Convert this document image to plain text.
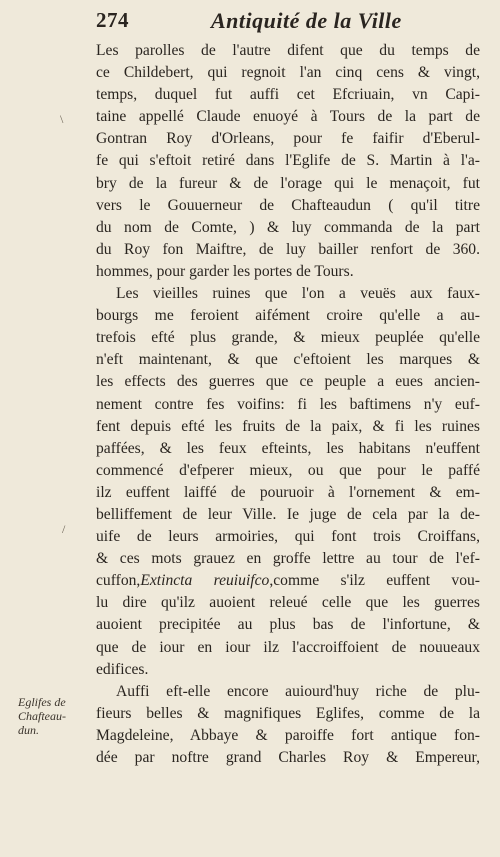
274	Antiquité de la Ville
\
/
Les parolles de l'autre difent que du temps de
ce Childebert, qui regnoit l'an cinq cens & vingt,
temps, duquel fut auffi cet Efcriuain, vn Capi-
taine appellé Claude enuoyé à Tours de la part de
Gontran Roy d'Orleans, pour fe faifir d'Eberul-
fe qui s'eftoit retiré dans l'Eglife de S. Martin à l'a-
bry de la fureur & de l'orage qui le menaçoit, fut
vers le Gouuerneur de Chafteaudun ( qu'il titre
du nom de Comte, ) & luy commanda de la part
du Roy fon Maiftre, de luy bailler renfort de 360.
hommes, pour garder les portes de Tours.
Les vieilles ruines que l'on a veuës aux faux-
bourgs me feroient aifément croire qu'elle a au-
trefois efté plus grande, & mieux peuplée qu'elle
n'eft maintenant, & que c'eftoient les marques &
les effects des guerres que ce peuple a eues ancien-
nement contre fes voifins: fi les baftimens n'y euf-
fent depuis efté les fruits de la paix, & fi les ruines
paffées, & les feux efteints, les habitans n'euffent
commencé d'efperer mieux, ou que pour le paffé
ilz euffent laiffé de pouruoir à l'ornement & em-
belliffement de leur Ville. Ie juge de cela par la de-
uife de leurs armoiries, qui font trois Croiffans,
& ces mots grauez en groffe lettre au tour de l'ef-
cuffon,Extincta reuiuifco,comme s'ilz euffent vou-
lu dire qu'ilz auoient releué celle que les guerres
auoient precipitée au plus bas de l'infortune, &
que de iour en iour ilz l'accroiffoient de nouueaux
edifices.
Auffi eft-elle encore auiourd'huy riche de plu-
fieurs belles & magnifiques Eglifes, comme de la
Magdeleine, Abbaye & paroiffe fort antique fon-
dée par noftre grand Charles Roy & Empereur,
Eglifes de
Chafteau-
dun.
